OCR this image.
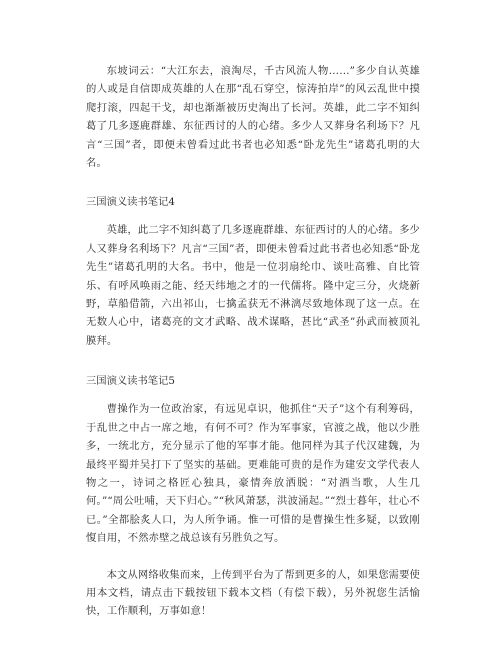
东坡词云：“大江东去，浪淘尽，千古风流人物……”多少自认英雄的人或是自信即成英雄的人在那“乱石穿空，惊涛拍岸”的风云乱世中摸爬打滚，四起干戈，却也渐渐被历史淘出了长河。英雄，此二字不知纠葛了几多逐鹿群雄、东征西讨的人的心绪。多少人又葬身名利场下？凡言“三国”者，即便未曾看过此书者也必知悉“卧龙先生”诸葛孔明的大名。

三国演义读书笔记4

英雄，此二字不知纠葛了几多逐鹿群雄、东征西讨的人的心绪。多少人又葬身名利场下？凡言“三国”者，即便未曾看过此书者也必知悉“卧龙先生”诸葛孔明的大名。书中，他是一位羽扇纶巾、谈吐高雅、自比管乐、有呼风唤雨之能、经天纬地之才的一代儒将。隆中定三分，火烧新野，草船借箭，六出祁山，七擒孟获无不淋漓尽致地体现了这一点。在无数人心中，诸葛亮的文才武略、战术谋略，甚比“武圣”孙武而被顶礼膜拜。

三国演义读书笔记5

曹操作为一位政治家，有远见卓识，他抓住“天子”这个有利筹码，于乱世之中占一席之地，有何不可？作为军事家，官渡之战，他以少胜多，一统北方，充分显示了他的军事才能。他同样为其子代汉建魏，为最终平蜀并吴打下了坚实的基础。更难能可贵的是作为建安文学代表人物之一，诗词之格匠心独具，豪情奔放洒脱：“对酒当歌，人生几何。”“周公吐哺，天下归心。”“秋风萧瑟，洪波涌起。”“烈士暮年，壮心不已。”全都脍炙人口，为人所争诵。惟一可惜的是曹操生性多疑，以致刚愎自用，不然赤壁之战总该有另胜负之写。

本文从网络收集而来，上传到平台为了帮到更多的人，如果您需要使用本文档，请点击下载按钮下载本文档（有偿下载），另外祝您生活愉快，工作顺利，万事如意！
